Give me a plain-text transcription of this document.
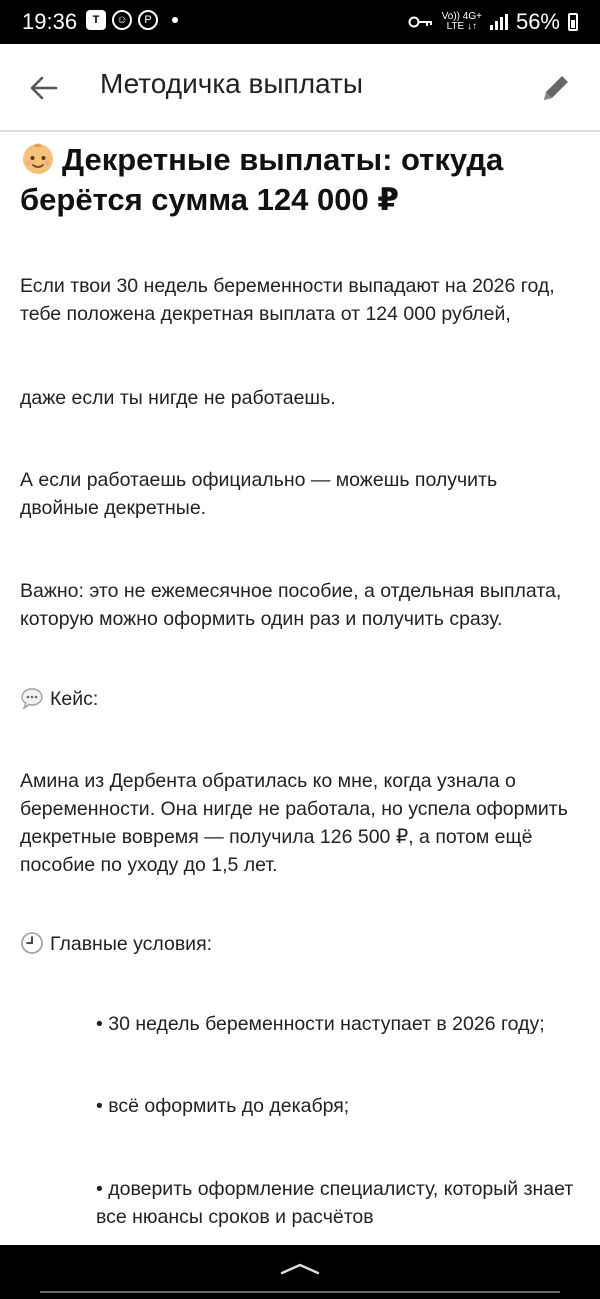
19:36	T	☺	P	Vo)) 4G+
LTE ↓↑ 56%
Методичка выплаты
Декретные выплаты: откуда берётся сумма 124 000 ₽

Если твои 30 недель беременности выпадают на 2026 год, тебе положена декретная выплата от 124 000 рублей,

даже если ты нигде не работаешь.

А если работаешь официально — можешь получить двойные декретные.

Важно: это не ежемесячное пособие, а отдельная выплата, которую можно оформить один раз и получить сразу.

Кейс:

Амина из Дербента обратилась ко мне, когда узнала о беременности. Она нигде не работала, но успела оформить декретные вовремя — получила 126 500 ₽, а потом ещё пособие по уходу до 1,5 лет.

Главные условия:

• 30 недель беременности наступает в 2026 году;

• всё оформить до декабря;

• доверить оформление специалисту, который знает все нюансы сроков и расчётов
